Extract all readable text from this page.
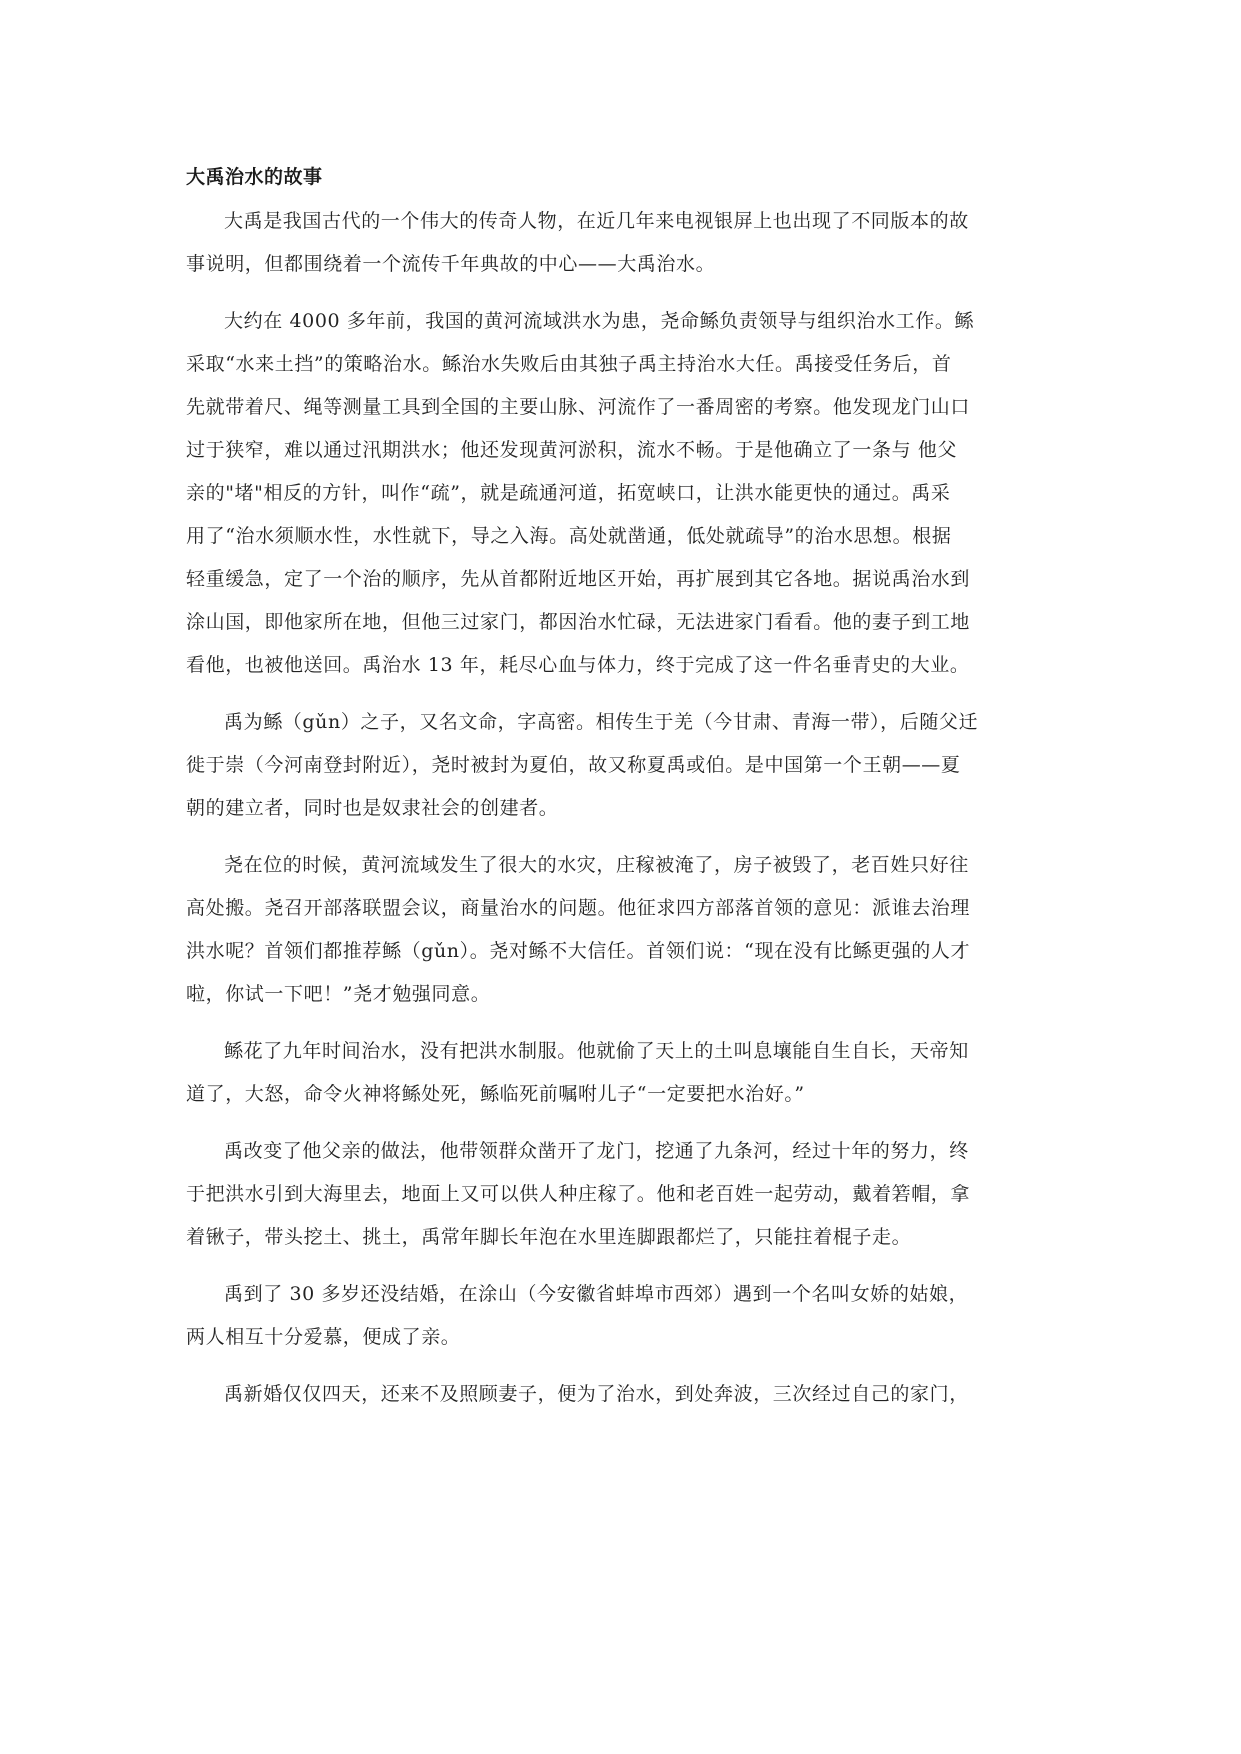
大禹治水的故事

大禹是我国古代的一个伟大的传奇人物，在近几年来电视银屏上也出现了不同版本的故
事说明，但都围绕着一个流传千年典故的中心——大禹治水。

大约在 4000 多年前，我国的黄河流域洪水为患，尧命鲧负责领导与组织治水工作。鲧
采取“水来土挡”的策略治水。鲧治水失败后由其独子禹主持治水大任。禹接受任务后，首
先就带着尺、绳等测量工具到全国的主要山脉、河流作了一番周密的考察。他发现龙门山口
过于狭窄，难以通过汛期洪水；他还发现黄河淤积，流水不畅。于是他确立了一条与 他父
亲的"堵"相反的方针，叫作“疏”，就是疏通河道，拓宽峡口，让洪水能更快的通过。禹采
用了“治水须顺水性，水性就下，导之入海。高处就凿通，低处就疏导”的治水思想。根据
轻重缓急，定了一个治的顺序，先从首都附近地区开始，再扩展到其它各地。据说禹治水到
涂山国，即他家所在地，但他三过家门，都因治水忙碌，无法进家门看看。他的妻子到工地
看他，也被他送回。禹治水 13 年，耗尽心血与体力，终于完成了这一件名垂青史的大业。

禹为鲧（gǔn）之子，又名文命，字高密。相传生于羌（今甘肃、青海一带），后随父迁
徙于崇（今河南登封附近），尧时被封为夏伯，故又称夏禹或伯。是中国第一个王朝——夏
朝的建立者，同时也是奴隶社会的创建者。

尧在位的时候，黄河流域发生了很大的水灾，庄稼被淹了，房子被毁了，老百姓只好往
高处搬。尧召开部落联盟会议，商量治水的问题。他征求四方部落首领的意见：派谁去治理
洪水呢？首领们都推荐鲧（gǔn）。尧对鲧不大信任。首领们说：“现在没有比鲧更强的人才
啦，你试一下吧！”尧才勉强同意。

鲧花了九年时间治水，没有把洪水制服。他就偷了天上的土叫息壤能自生自长，天帝知
道了，大怒，命令火神将鲧处死，鲧临死前嘱咐儿子“一定要把水治好。”

禹改变了他父亲的做法，他带领群众凿开了龙门，挖通了九条河，经过十年的努力，终
于把洪水引到大海里去，地面上又可以供人种庄稼了。他和老百姓一起劳动，戴着箬帽，拿
着锹子，带头挖土、挑土，禹常年脚长年泡在水里连脚跟都烂了，只能拄着棍子走。

禹到了 30 多岁还没结婚，在涂山（今安徽省蚌埠市西郊）遇到一个名叫女娇的姑娘，
两人相互十分爱慕，便成了亲。

禹新婚仅仅四天，还来不及照顾妻子，便为了治水，到处奔波，三次经过自己的家门，
